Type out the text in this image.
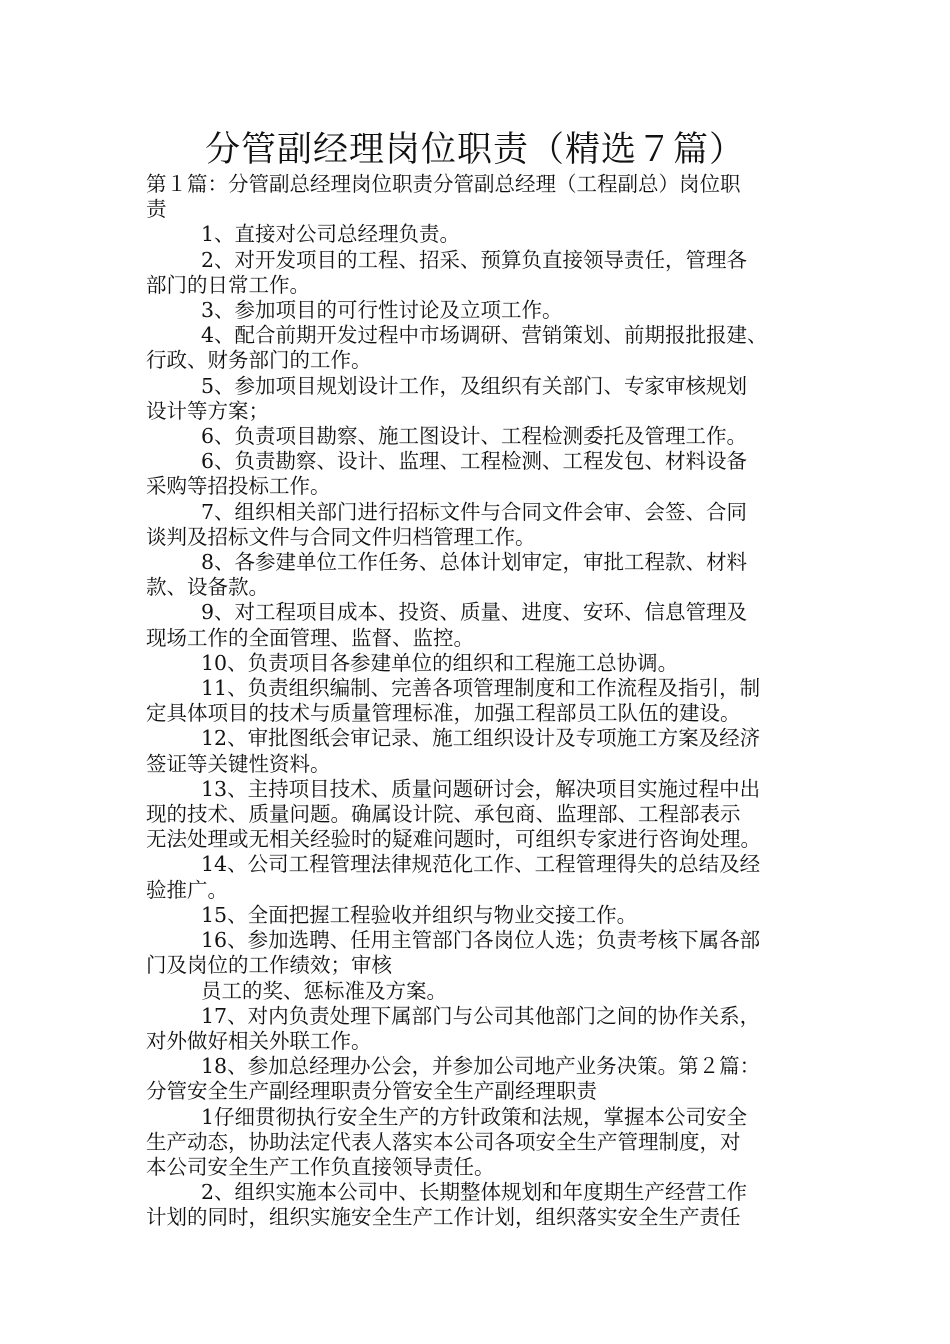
分管副经理岗位职责（精选７篇）

第１篇：分管副总经理岗位职责分管副总经理（工程副总）岗位职
责

1、直接对公司总经理负责。

2、对开发项目的工程、招采、预算负直接领导责任，管理各
部门的日常工作。

3、参加项目的可行性讨论及立项工作。

4、配合前期开发过程中市场调研、营销策划、前期报批报建、
行政、财务部门的工作。

5、参加项目规划设计工作，及组织有关部门、专家审核规划
设计等方案；

6、负责项目勘察、施工图设计、工程检测委托及管理工作。

6、负责勘察、设计、监理、工程检测、工程发包、材料设备
采购等招投标工作。

7、组织相关部门进行招标文件与合同文件会审、会签、合同
谈判及招标文件与合同文件归档管理工作。

8、各参建单位工作任务、总体计划审定，审批工程款、材料
款、设备款。

9、对工程项目成本、投资、质量、进度、安环、信息管理及
现场工作的全面管理、监督、监控。

10、负责项目各参建单位的组织和工程施工总协调。

11、负责组织编制、完善各项管理制度和工作流程及指引，制
定具体项目的技术与质量管理标准，加强工程部员工队伍的建设。

12、审批图纸会审记录、施工组织设计及专项施工方案及经济
签证等关键性资料。

13、主持项目技术、质量问题研讨会，解决项目实施过程中出
现的技术、质量问题。确属设计院、承包商、监理部、工程部表示
无法处理或无相关经验时的疑难问题时，可组织专家进行咨询处理。

14、公司工程管理法律规范化工作、工程管理得失的总结及经
验推广。

15、全面把握工程验收并组织与物业交接工作。

16、参加选聘、任用主管部门各岗位人选；负责考核下属各部
门及岗位的工作绩效；审核

员工的奖、惩标准及方案。

17、对内负责处理下属部门与公司其他部门之间的协作关系，
对外做好相关外联工作。

18、参加总经理办公会，并参加公司地产业务决策。第２篇：
分管安全生产副经理职责分管安全生产副经理职责

1仔细贯彻执行安全生产的方针政策和法规，掌握本公司安全
生产动态，协助法定代表人落实本公司各项安全生产管理制度，对
本公司安全生产工作负直接领导责任。

2、组织实施本公司中、长期整体规划和年度期生产经营工作
计划的同时，组织实施安全生产工作计划，组织落实安全生产责任
